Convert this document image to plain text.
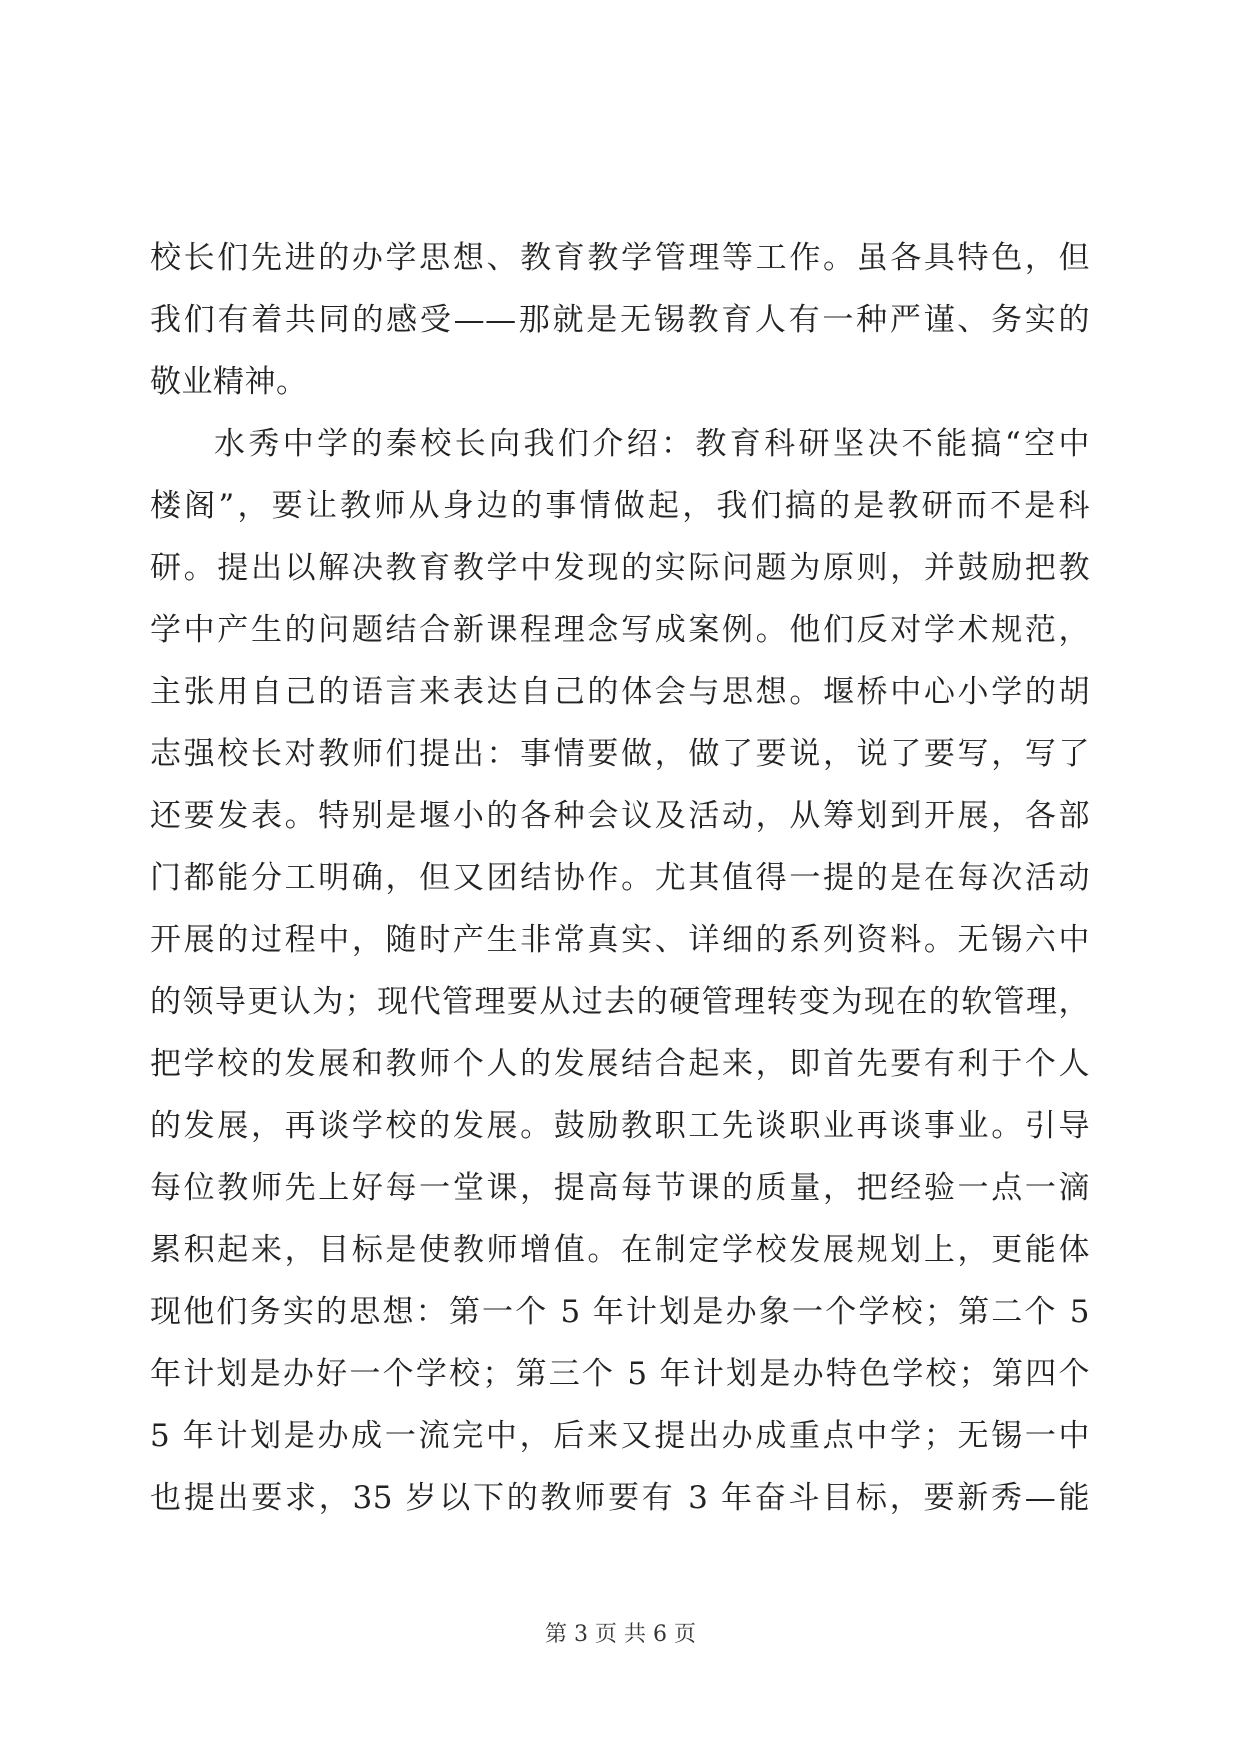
校长们先进的办学思想、教育教学管理等工作。虽各具特色，但
我们有着共同的感受——那就是无锡教育人有一种严谨、务实的
敬业精神。
水秀中学的秦校长向我们介绍：教育科研坚决不能搞“空中
楼阁”，要让教师从身边的事情做起，我们搞的是教研而不是科
研。提出以解决教育教学中发现的实际问题为原则，并鼓励把教
学中产生的问题结合新课程理念写成案例。他们反对学术规范，
主张用自己的语言来表达自己的体会与思想。堰桥中心小学的胡
志强校长对教师们提出：事情要做，做了要说，说了要写，写了
还要发表。特别是堰小的各种会议及活动，从筹划到开展，各部
门都能分工明确，但又团结协作。尤其值得一提的是在每次活动
开展的过程中，随时产生非常真实、详细的系列资料。无锡六中
的领导更认为；现代管理要从过去的硬管理转变为现在的软管理，
把学校的发展和教师个人的发展结合起来，即首先要有利于个人
的发展，再谈学校的发展。鼓励教职工先谈职业再谈事业。引导
每位教师先上好每一堂课，提高每节课的质量，把经验一点一滴
累积起来，目标是使教师增值。在制定学校发展规划上，更能体
现他们务实的思想：第一个 5 年计划是办象一个学校；第二个 5
年计划是办好一个学校；第三个 5 年计划是办特色学校；第四个
5 年计划是办成一流完中，后来又提出办成重点中学；无锡一中
也提出要求，35 岁以下的教师要有 3 年奋斗目标，要新秀—能
第 3 页 共 6 页
